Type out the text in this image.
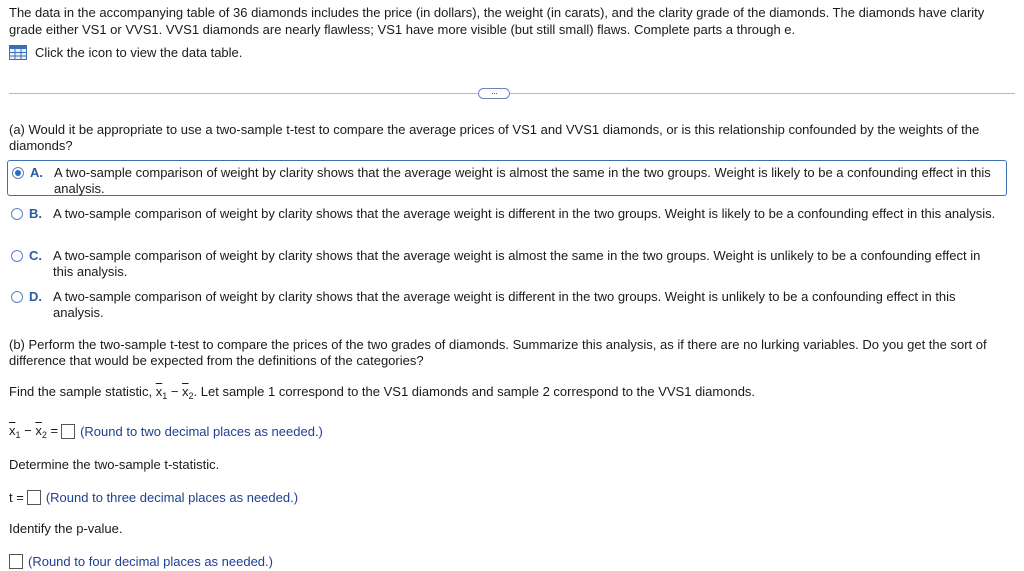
The data in the accompanying table of 36 diamonds includes the price (in dollars), the weight (in carats), and the clarity grade of the diamonds. The diamonds have clarity grade either VS1 or VVS1. VVS1 diamonds are nearly flawless; VS1 have more visible (but still small) flaws. Complete parts a through e.
Click the icon to view the data table.
···
(a) Would it be appropriate to use a two-sample t-test to compare the average prices of VS1 and VVS1 diamonds, or is this relationship confounded by the weights of the diamonds?
A. A two-sample comparison of weight by clarity shows that the average weight is almost the same in the two groups. Weight is likely to be a confounding effect in this analysis.
B. A two-sample comparison of weight by clarity shows that the average weight is different in the two groups. Weight is likely to be a confounding effect in this analysis.
C. A two-sample comparison of weight by clarity shows that the average weight is almost the same in the two groups. Weight is unlikely to be a confounding effect in this analysis.
D. A two-sample comparison of weight by clarity shows that the average weight is different in the two groups. Weight is unlikely to be a confounding effect in this analysis.
(b) Perform the two-sample t-test to compare the prices of the two grades of diamonds. Summarize this analysis, as if there are no lurking variables. Do you get the sort of difference that would be expected from the definitions of the categories?
Find the sample statistic, $\overline{x}_1 - \overline{x}_2$. Let sample 1 correspond to the VS1 diamonds and sample 2 correspond to the VVS1 diamonds.
$\overline{x}_1 - \overline{x}_2$ = (Round to two decimal places as needed.)
Determine the two-sample t-statistic.
t = (Round to three decimal places as needed.)
Identify the p-value.
(Round to four decimal places as needed.)
